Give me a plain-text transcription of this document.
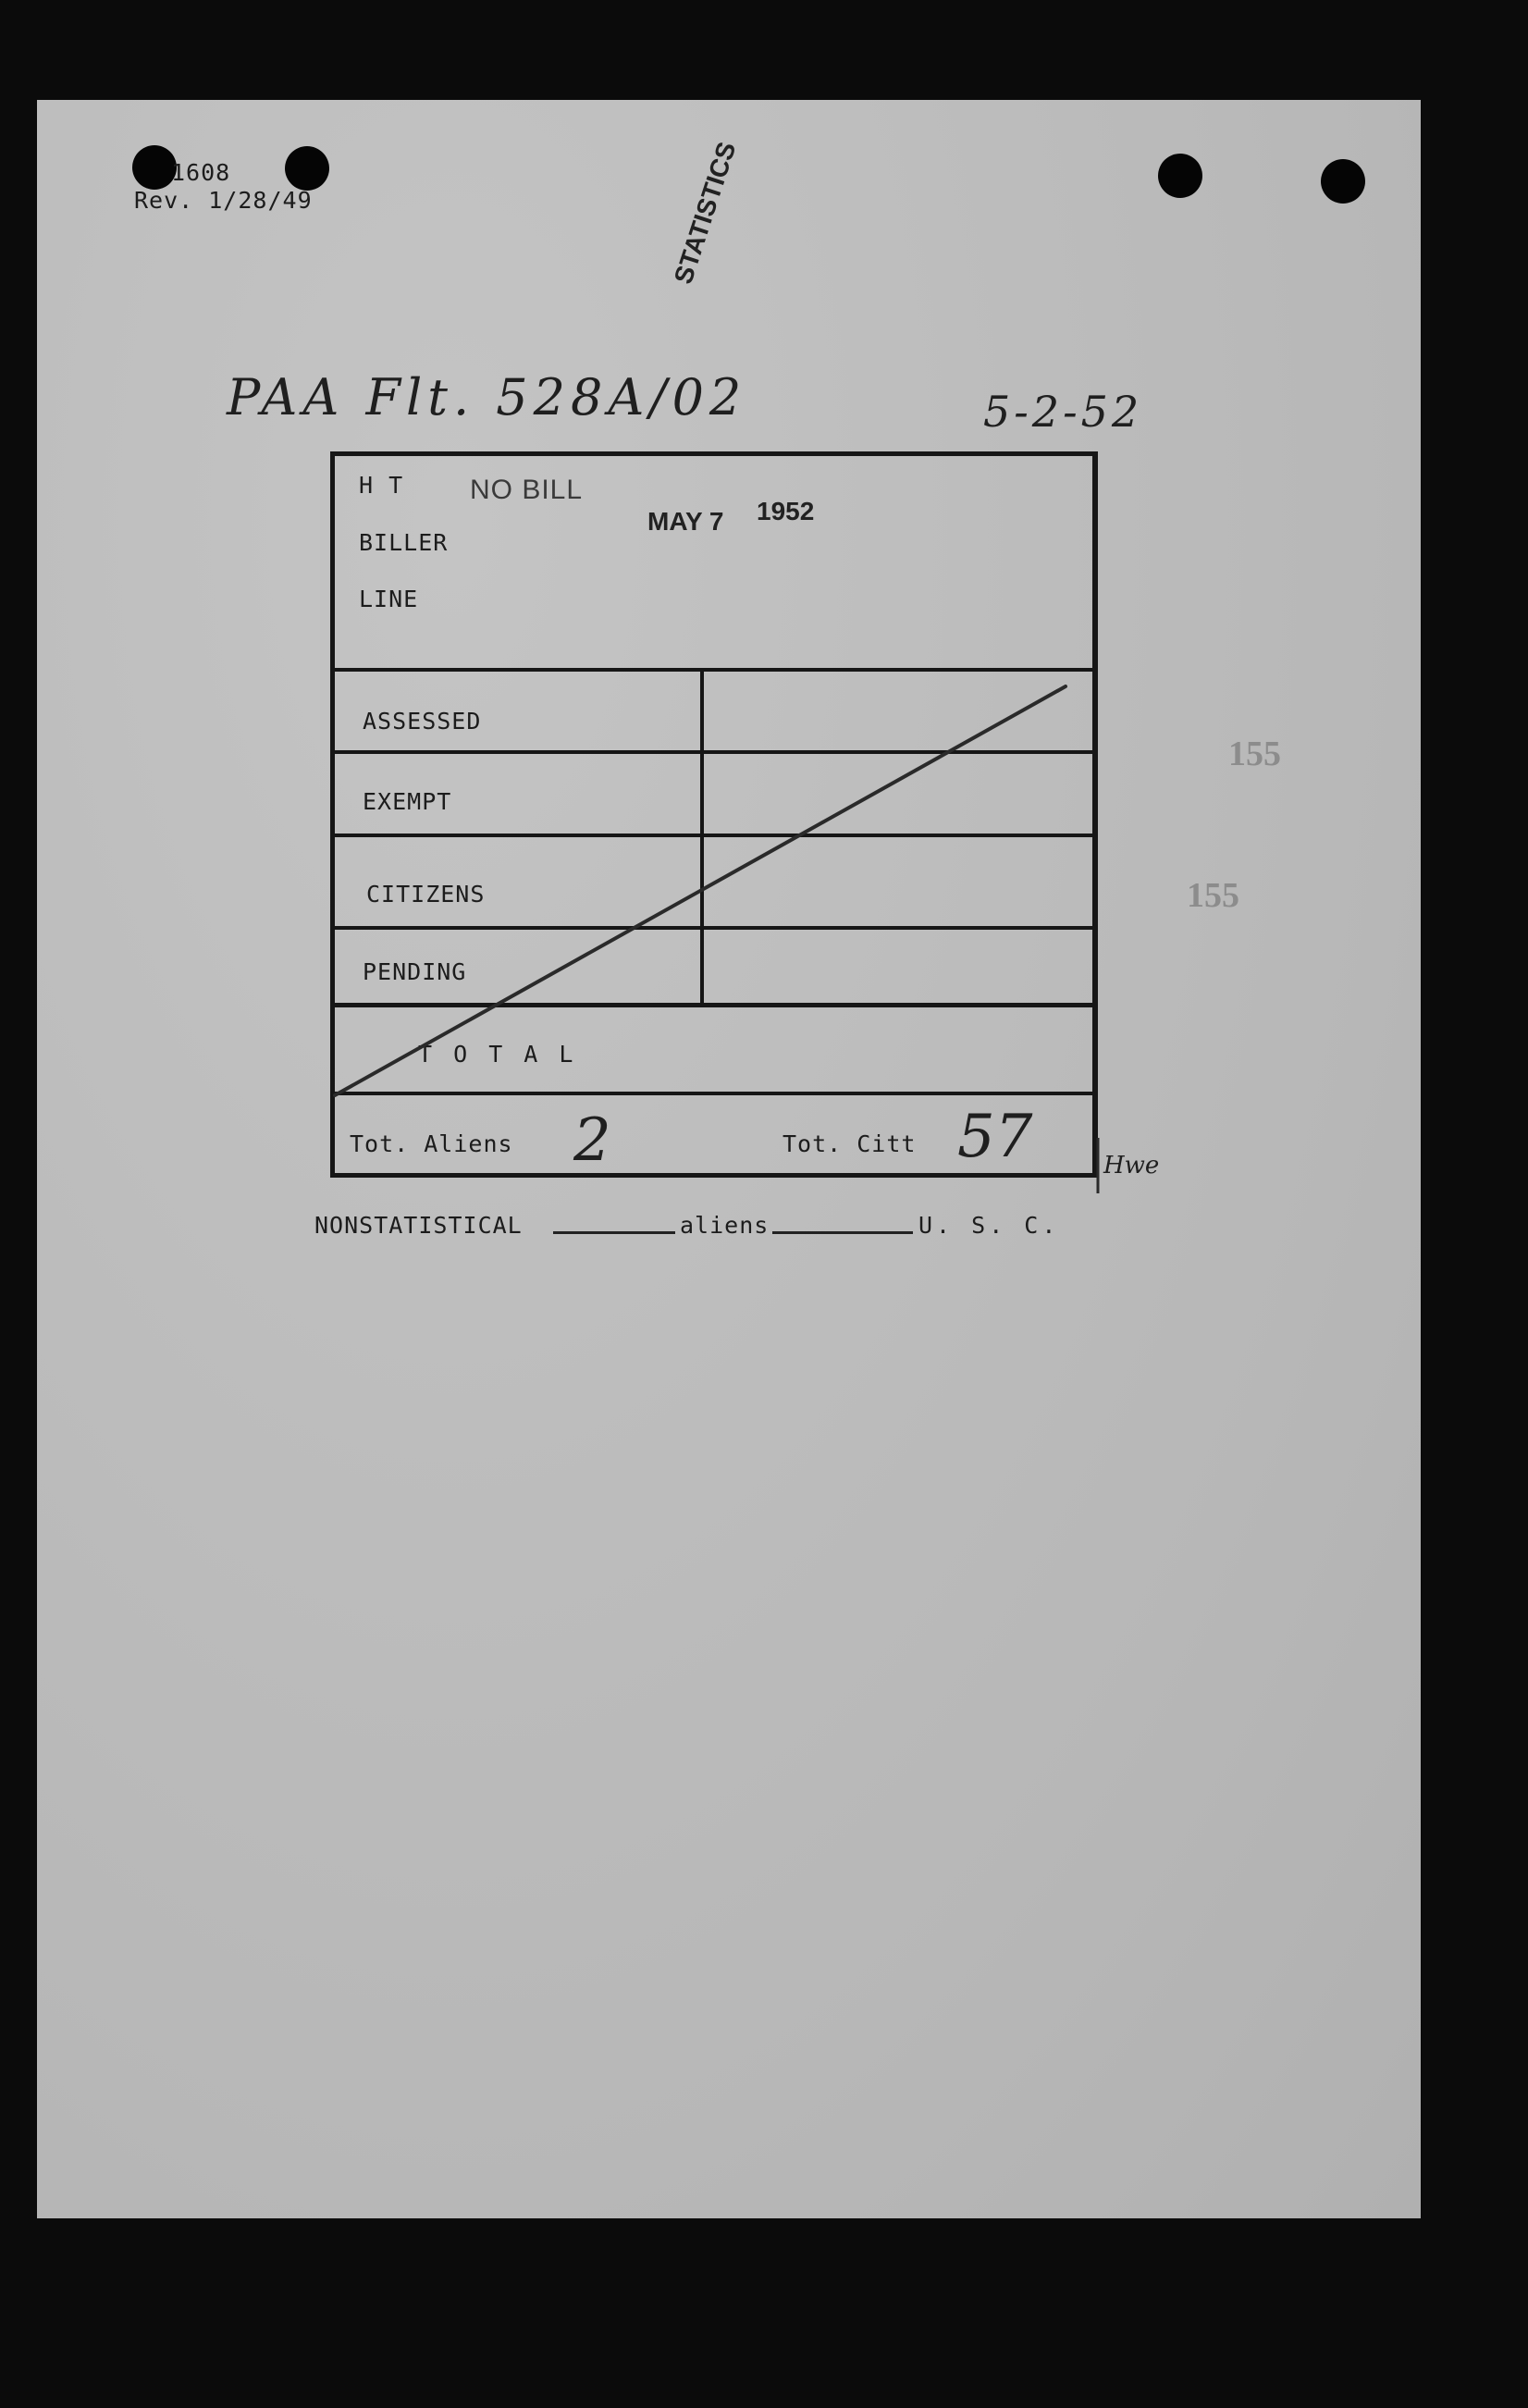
1608
Rev. 1/28/49	STATISTICS
PAA Flt. 528A/02	5-2-52
H T NO BILL
MAY 7 1952
BILLER
LINE
ASSESSED
EXEMPT
CITIZENS
PENDING
T O T A L
Tot. Aliens 2	Tot. Citt 57	Hwe
NONSTATISTICAL	aliens	U. S. C.
155
155
